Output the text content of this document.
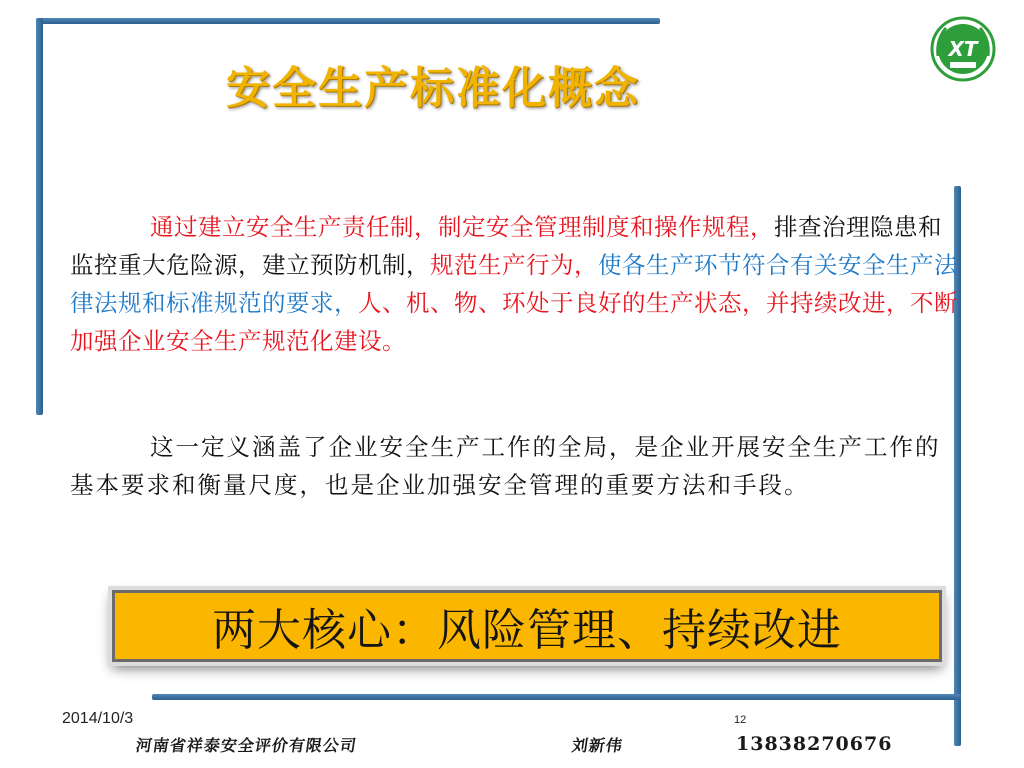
XT
安全生产标准化概念
通过建立安全生产责任制，制定安全管理制度和操作规程，排查治理隐患和监控重大危险源，建立预防机制，规范生产行为，使各生产环节符合有关安全生产法律法规和标准规范的要求，人、机、物、环处于良好的生产状态，并持续改进，不断加强企业安全生产规范化建设。
这一定义涵盖了企业安全生产工作的全局，是企业开展安全生产工作的基本要求和衡量尺度，也是企业加强安全管理的重要方法和手段。
两大核心：风险管理、持续改进
2014/10/3	12
河南省祥泰安全评价有限公司	刘新伟	13838270676
